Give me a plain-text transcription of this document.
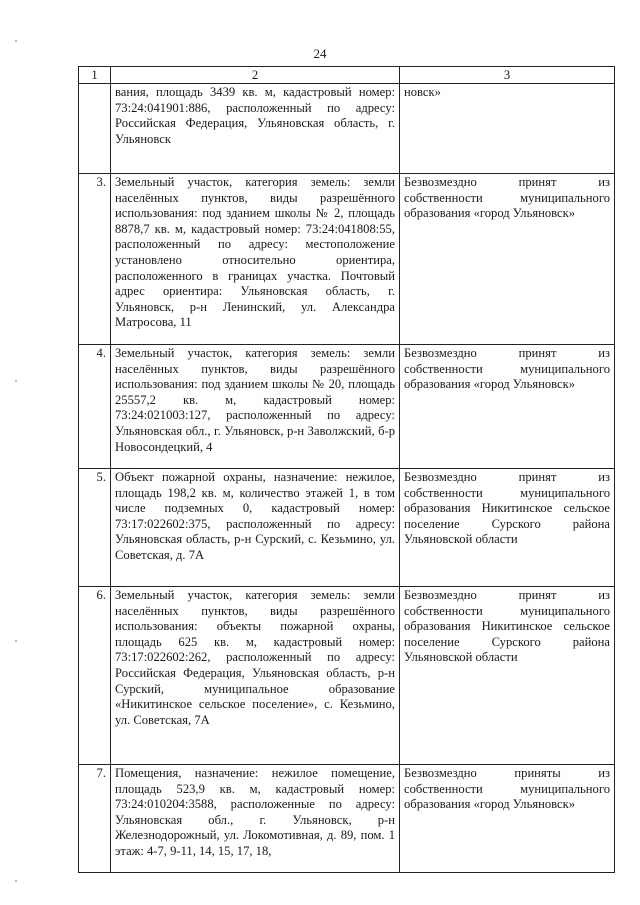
24
1	2	3
	вания, площадь 3439 кв. м, кадастровый номер: 73:24:041901:886, расположенный по адресу: Российская Федерация, Ульяновская область, г. Ульяновск	новск»
3.	Земельный участок, категория земель: земли населённых пунктов, виды разрешённого использования: под зданием школы № 2, площадь 8878,7 кв. м, кадастровый номер: 73:24:041808:55, расположенный по адресу: местоположение установлено относительно ориентира, расположенного в границах участка. Почтовый адрес ориентира: Ульяновская область, г. Ульяновск, р-н Ленинский, ул. Александра Матросова, 11	Безвозмездно принят из собственности муниципального образования «город Ульяновск»
4.	Земельный участок, категория земель: земли населённых пунктов, виды разрешённого использования: под зданием школы № 20, площадь 25557,2 кв. м, кадастровый номер: 73:24:021003:127, расположенный по адресу: Ульяновская обл., г. Ульяновск, р-н Заволжский, б-р Новосондецкий, 4	Безвозмездно принят из собственности муниципального образования «город Ульяновск»
5.	Объект пожарной охраны, назначение: нежилое, площадь 198,2 кв. м, количество этажей 1, в том числе подземных 0, кадастровый номер: 73:17:022602:375, расположенный по адресу: Ульяновская область, р-н Сурский, с. Кезьмино, ул. Советская, д. 7А	Безвозмездно принят из собственности муниципального образования Никитинское сельское поселение Сурского района Ульяновской области
6.	Земельный участок, категория земель: земли населённых пунктов, виды разрешённого использования: объекты пожарной охраны, площадь 625 кв. м, кадастровый номер: 73:17:022602:262, расположенный по адресу: Российская Федерация, Ульяновская область, р-н Сурский, муниципальное образование «Никитинское сельское поселение», с. Кезьмино, ул. Советская, 7А	Безвозмездно принят из собственности муниципального образования Никитинское сельское поселение Сурского района Ульяновской области
7.	Помещения, назначение: нежилое помещение, площадь 523,9 кв. м, кадастровый номер: 73:24:010204:3588, расположенные по адресу: Ульяновская обл., г. Ульяновск, р-н Железнодорожный, ул. Локомотивная, д. 89, пом. 1 этаж: 4-7, 9-11, 14, 15, 17, 18,	Безвозмездно приняты из собственности муниципального образования «город Ульяновск»
